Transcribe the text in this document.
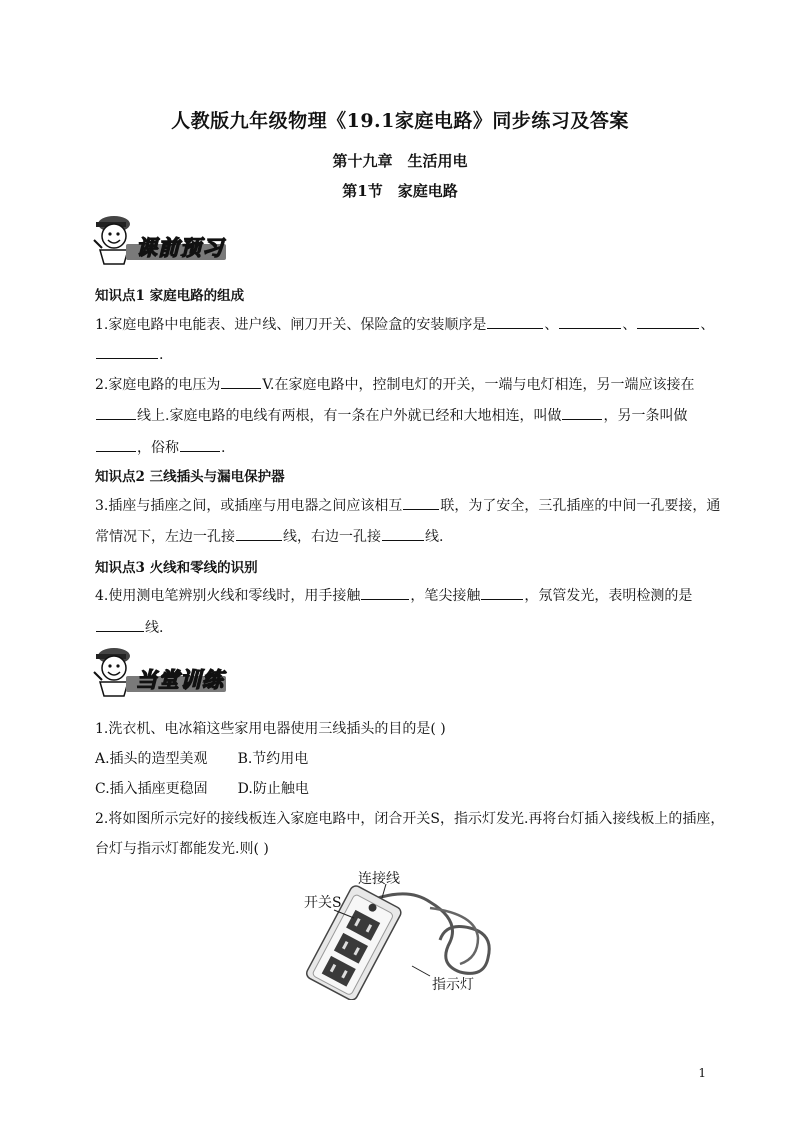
人教版九年级物理《19.1家庭电路》同步练习及答案
第十九章　生活用电
第1节　家庭电路
课前预习
知识点1 家庭电路的组成
1.家庭电路中电能表、进户线、闸刀开关、保险盒的安装顺序是	、	、	、
.
2.家庭电路的电压为	V.在家庭电路中，控制电灯的开关，一端与电灯相连，另一端应该接在
线上.家庭电路的电线有两根，有一条在户外就已经和大地相连，叫做	，另一条叫做
，俗称	.
知识点2 三线插头与漏电保护器
3.插座与插座之间，或插座与用电器之间应该相互	联，为了安全，三孔插座的中间一孔要接，通
常情况下，左边一孔接	线，右边一孔接	线.
知识点3 火线和零线的识别
4.使用测电笔辨别火线和零线时，用手接触	，笔尖接触	，氖管发光，表明检测的是
线.
当堂训练
1.洗衣机、电冰箱这些家用电器使用三线插头的目的是( )
A.插头的造型美观 B.节约用电
C.插入插座更稳固 D.防止触电
2.将如图所示完好的接线板连入家庭电路中，闭合开关S，指示灯发光.再将台灯插入接线板上的插座，
台灯与指示灯都能发光.则( )
连接线
开关S
指示灯
1
